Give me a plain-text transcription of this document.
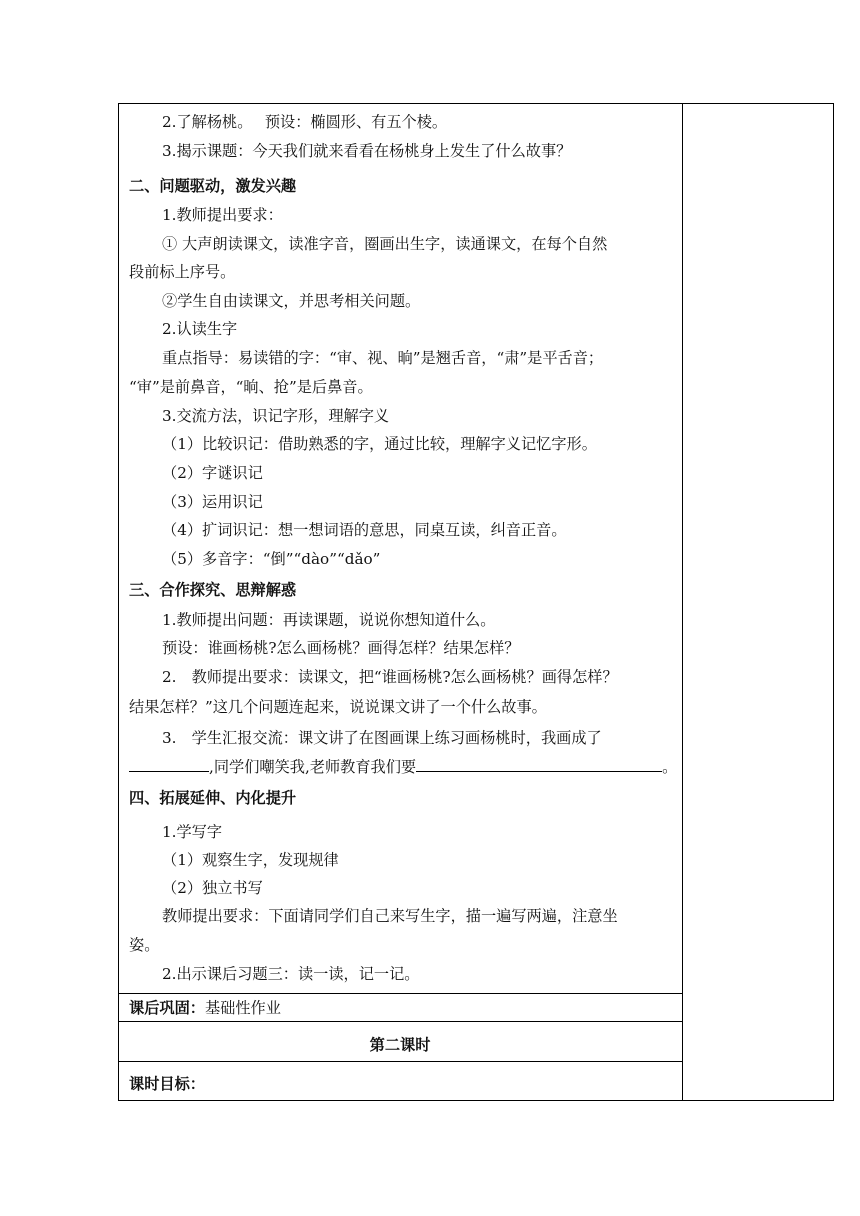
2.了解杨桃。　 预设：椭圆形、有五个棱。
3.揭示课题：今天我们就来看看在杨桃身上发生了什么故事？
二、问题驱动，激发兴趣
1.教师提出要求：
① 大声朗读课文，读准字音，圈画出生字，读通课文，在每个自然
段前标上序号。
②学生自由读课文，并思考相关问题。
2.认读生字
重点指导：易读错的字：“审、视、晌”是翘舌音，“肃”是平舌音；
“审”是前鼻音，“晌、抢”是后鼻音。
3.交流方法，识记字形，理解字义
（1）比较识记：借助熟悉的字，通过比较，理解字义记忆字形。
（2）字谜识记
（3）运用识记
（4）扩词识记：想一想词语的意思，同桌互读，纠音正音。
（5）多音字：“倒”“dào”“dǎo”
三、合作探究、思辩解惑
1.教师提出问题：再读课题，说说你想知道什么。
预设：谁画杨桃?怎么画杨桃？画得怎样？结果怎样？
2.　教师提出要求：读课文，把“谁画杨桃?怎么画杨桃？画得怎样？
结果怎样？”这几个问题连起来，说说课文讲了一个什么故事。
3.　学生汇报交流：课文讲了在图画课上练习画杨桃时，我画成了
,同学们嘲笑我,老师教育我们要	。
四、拓展延伸、内化提升
1.学写字
（1）观察生字，发现规律
（2）独立书写
教师提出要求：下面请同学们自己来写生字，描一遍写两遍，注意坐
姿。
2.出示课后习题三：读一读，记一记。
课后巩固：基础性作业
第二课时
课时目标：
